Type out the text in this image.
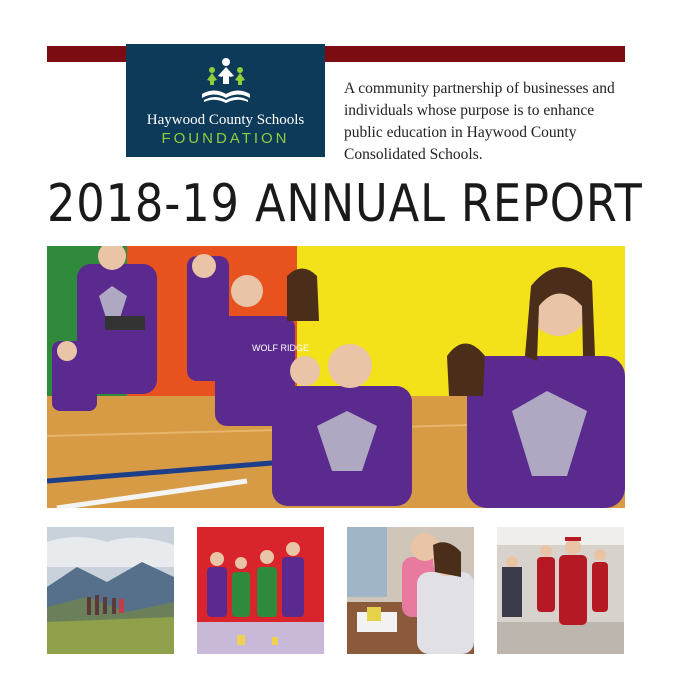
Haywood County Schools
FOUNDATION
A community partnership of businesses and individuals whose purpose is to enhance public education in Haywood County Consolidated Schools.
2018-19 ANNUAL REPORT
WOLF RIDGE
